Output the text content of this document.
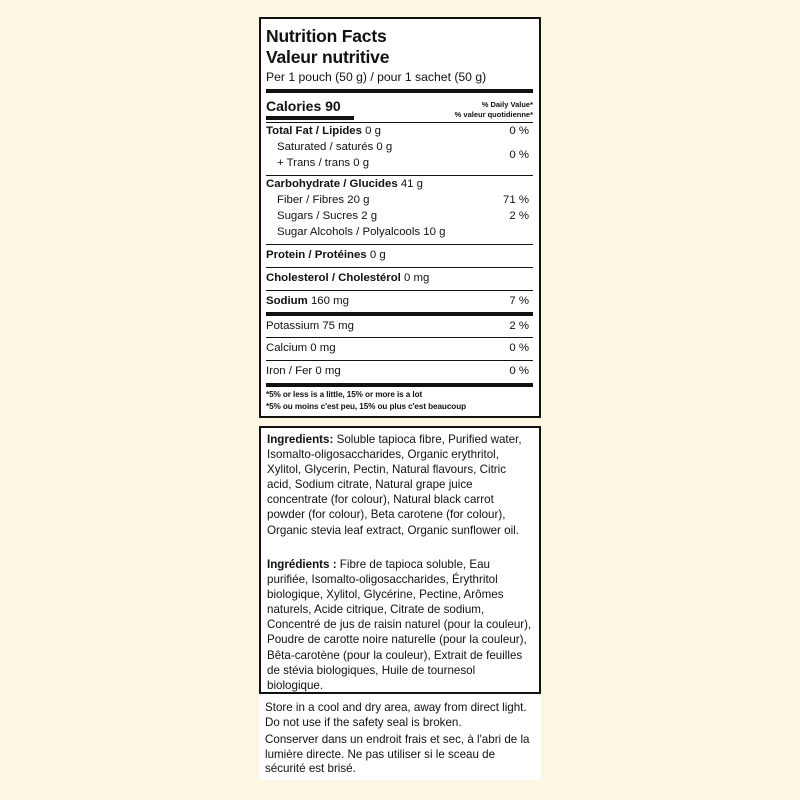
Nutrition Facts
Valeur nutritive
Per 1 pouch (50 g) / pour 1 sachet (50 g)
Calories 90	% Daily Value*
% valeur quotidienne*
Total Fat / Lipides 0 g	0 %
Saturated / saturés 0 g
+ Trans / trans 0 g
0 %
Carbohydrate / Glucides 41 g
Fiber / Fibres 20 g	71 %
Sugars / Sucres 2 g	2 %
Sugar Alcohols / Polyalcools 10 g
Protein / Protéines 0 g
Cholesterol / Cholestérol 0 mg
Sodium 160 mg	7 %
Potassium 75 mg	2 %
Calcium 0 mg	0 %
Iron / Fer 0 mg	0 %
*5% or less is a little, 15% or more is a lot
*5% ou moins c'est peu, 15% ou plus c'est beaucoup
Ingredients: Soluble tapioca fibre, Purified water, Isomalto-oligosaccharides, Organic erythritol, Xylitol, Glycerin, Pectin, Natural flavours, Citric acid, Sodium citrate, Natural grape juice concentrate (for colour), Natural black carrot powder (for colour), Beta carotene (for colour), Organic stevia leaf extract, Organic sunflower oil.
Ingrédients : Fibre de tapioca soluble, Eau purifiée, Isomalto-oligosaccharides, Érythritol biologique, Xylitol, Glycérine, Pectine, Arômes naturels, Acide citrique, Citrate de sodium, Concentré de jus de raisin naturel (pour la couleur), Poudre de carotte noire naturelle (pour la couleur), Bêta-carotène (pour la couleur), Extrait de feuilles de stévia biologiques, Huile de tournesol biologique.
Store in a cool and dry area, away from direct light. Do not use if the safety seal is broken.
Conserver dans un endroit frais et sec, à l'abri de la lumière directe. Ne pas utiliser si le sceau de sécurité est brisé.
